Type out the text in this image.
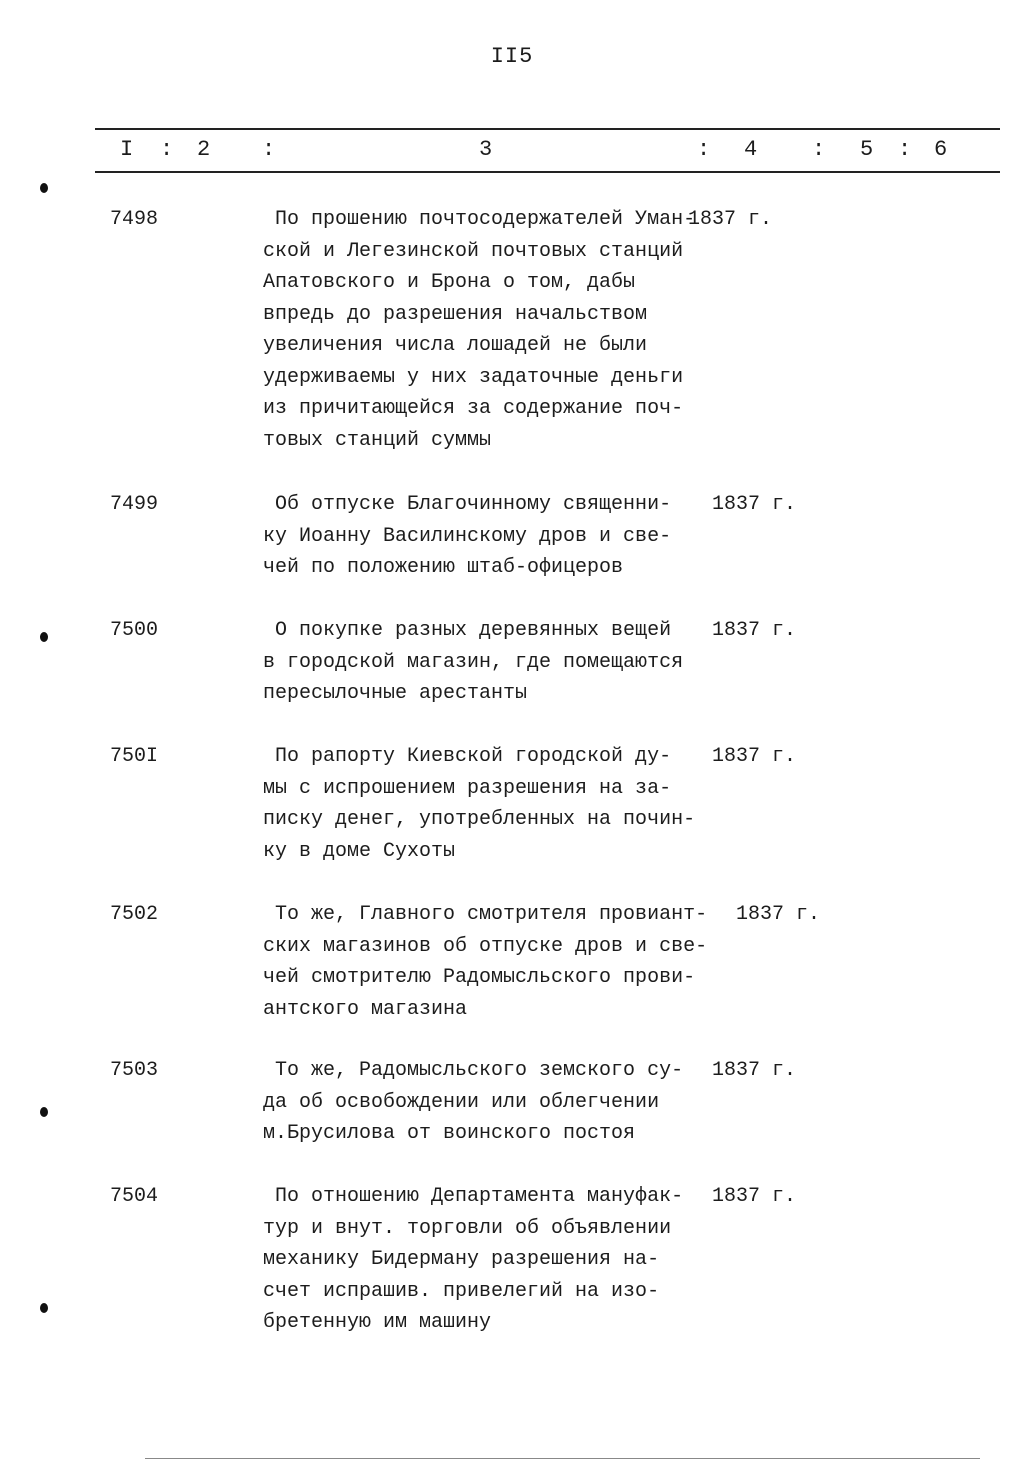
II5
I : 2 :	3	: 4 : 5 : 6
7498	По прошению почтосодержателей Уман-
ской и Легезинской почтовых станций
Апатовского и Брона о том, дабы
впредь до разрешения начальством
увеличения числа лошадей не были
удерживаемы у них задаточные деньги
из причитающейся за содержание поч-
товых станций суммы
1837 г.
7499	Об отпуске Благочинному священни-
ку Иоанну Василинскому дров и све-
чей по положению штаб-офицеров
1837 г.
7500	О покупке разных деревянных вещей
в городской магазин, где помещаются
пересылочные арестанты
1837 г.
750I	По рапорту Киевской городской ду-
мы с испрошением разрешения на за-
писку денег, употребленных на почин-
ку в доме Сухоты
1837 г.
7502	То же, Главного смотрителя провиант-
ских магазинов об отпуске дров и све-
чей смотрителю Радомысльского прови-
антского магазина
1837 г.
7503	То же, Радомысльского земского су-
да об освобождении или облегчении
м.Брусилова от воинского постоя
1837 г.
7504	По отношению Департамента мануфак-
тур и внут. торговли об объявлении
механику Бидерману разрешения на-
счет испрашив. привелегий на изо-
бретенную им машину
1837 г.
